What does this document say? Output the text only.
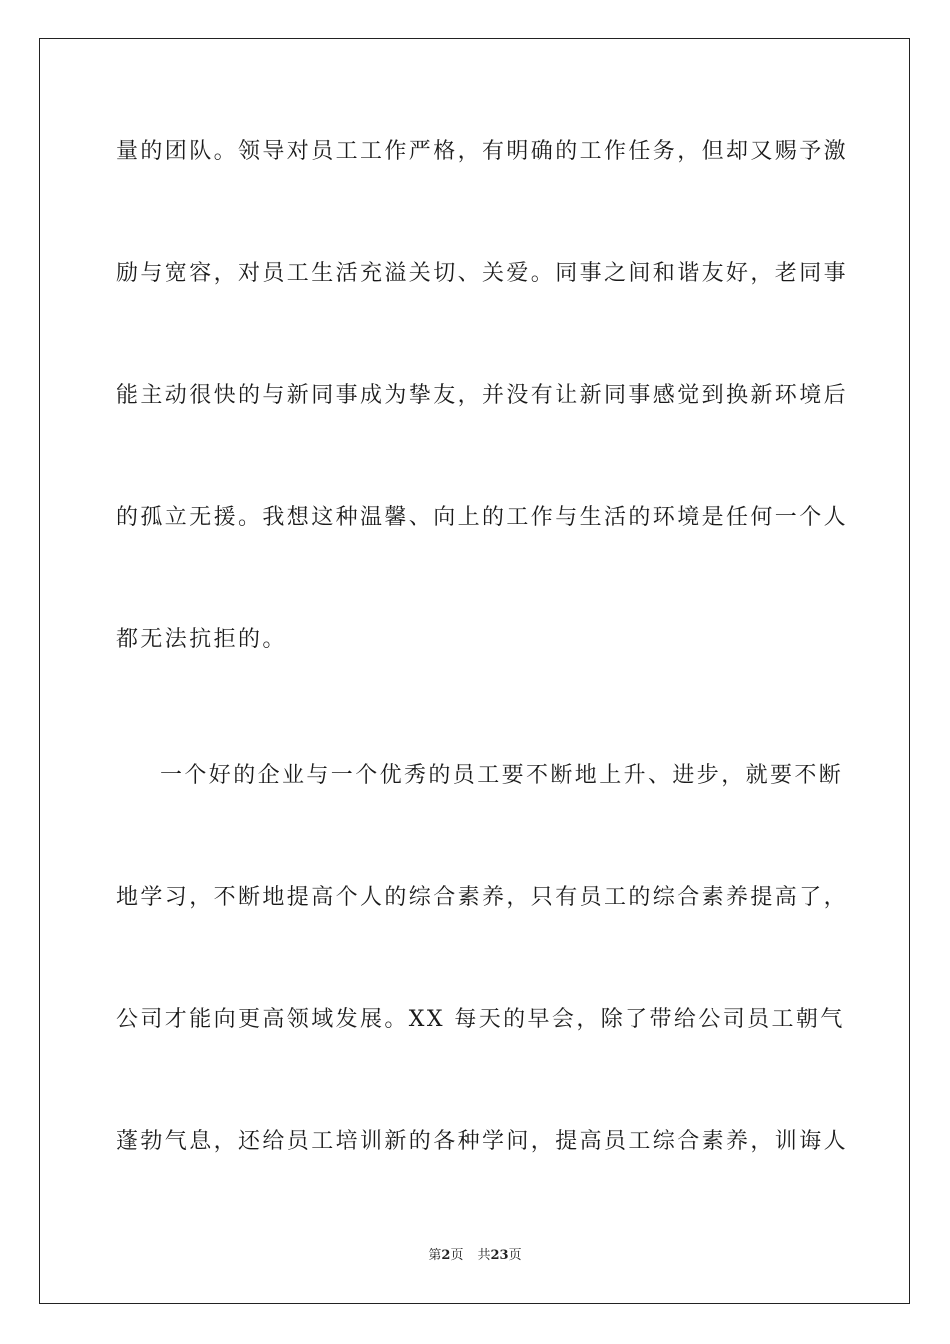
量的团队。领导对员工工作严格，有明确的工作任务，但却又赐予激
励与宽容，对员工生活充溢关切、关爱。同事之间和谐友好，老同事
能主动很快的与新同事成为挚友，并没有让新同事感觉到换新环境后
的孤立无援。我想这种温馨、向上的工作与生活的环境是任何一个人
都无法抗拒的。
一个好的企业与一个优秀的员工要不断地上升、进步，就要不断
地学习，不断地提高个人的综合素养，只有员工的综合素养提高了，
公司才能向更高领域发展。XX 每天的早会，除了带给公司员工朝气
蓬勃气息，还给员工培训新的各种学问，提高员工综合素养，训诲人
第2页 共23页
